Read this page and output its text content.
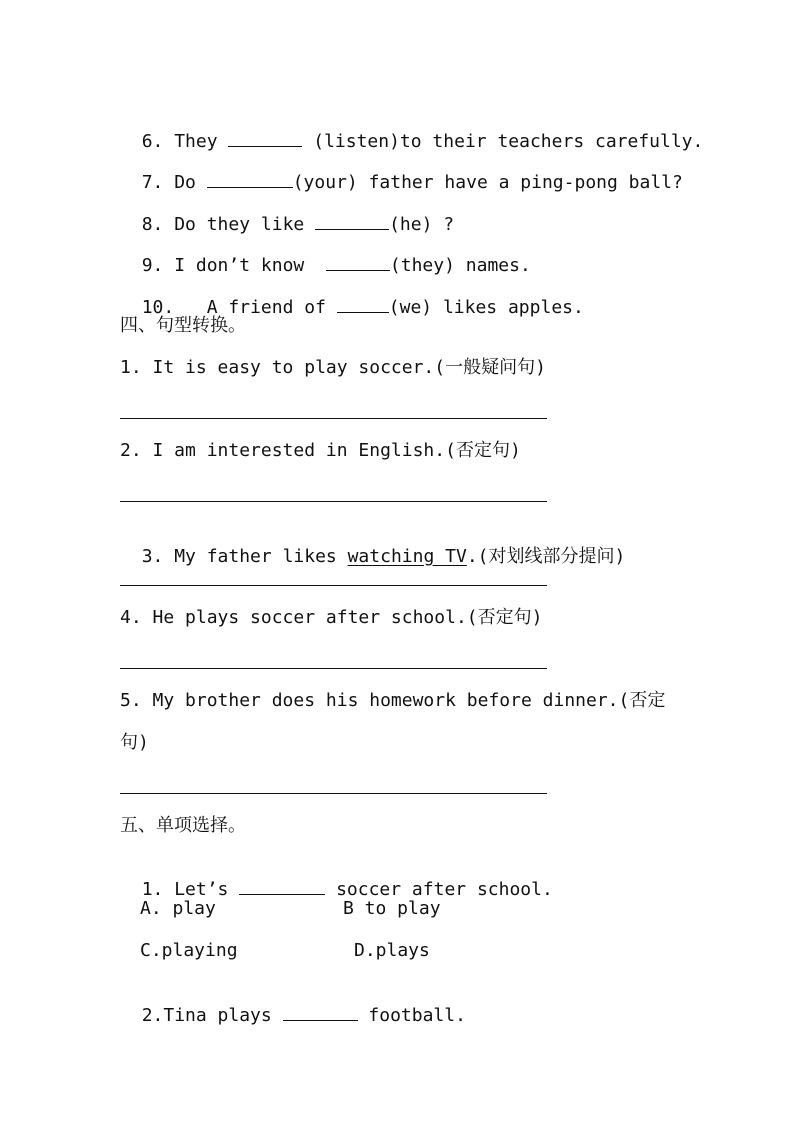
6. They	(listen)to their teachers carefully.

7. Do	(your) father have a ping-pong ball?

8. Do they like	(he) ?

9. I don’t know	(they) names.

10.   A friend of	(we) likes apples.

四、句型转换。
1. It is easy to play soccer.(一般疑问句)
2. I am interested in English.(否定句)

3. My father likes watching TV.(对划线部分提问)

4. He plays soccer after school.(否定句)
5. My brother does his homework before dinner.(否定
句)
五、单项选择。

1. Let’s	soccer after school.

A. play	B to play
C.playing	D.plays

2.Tina plays	football.
